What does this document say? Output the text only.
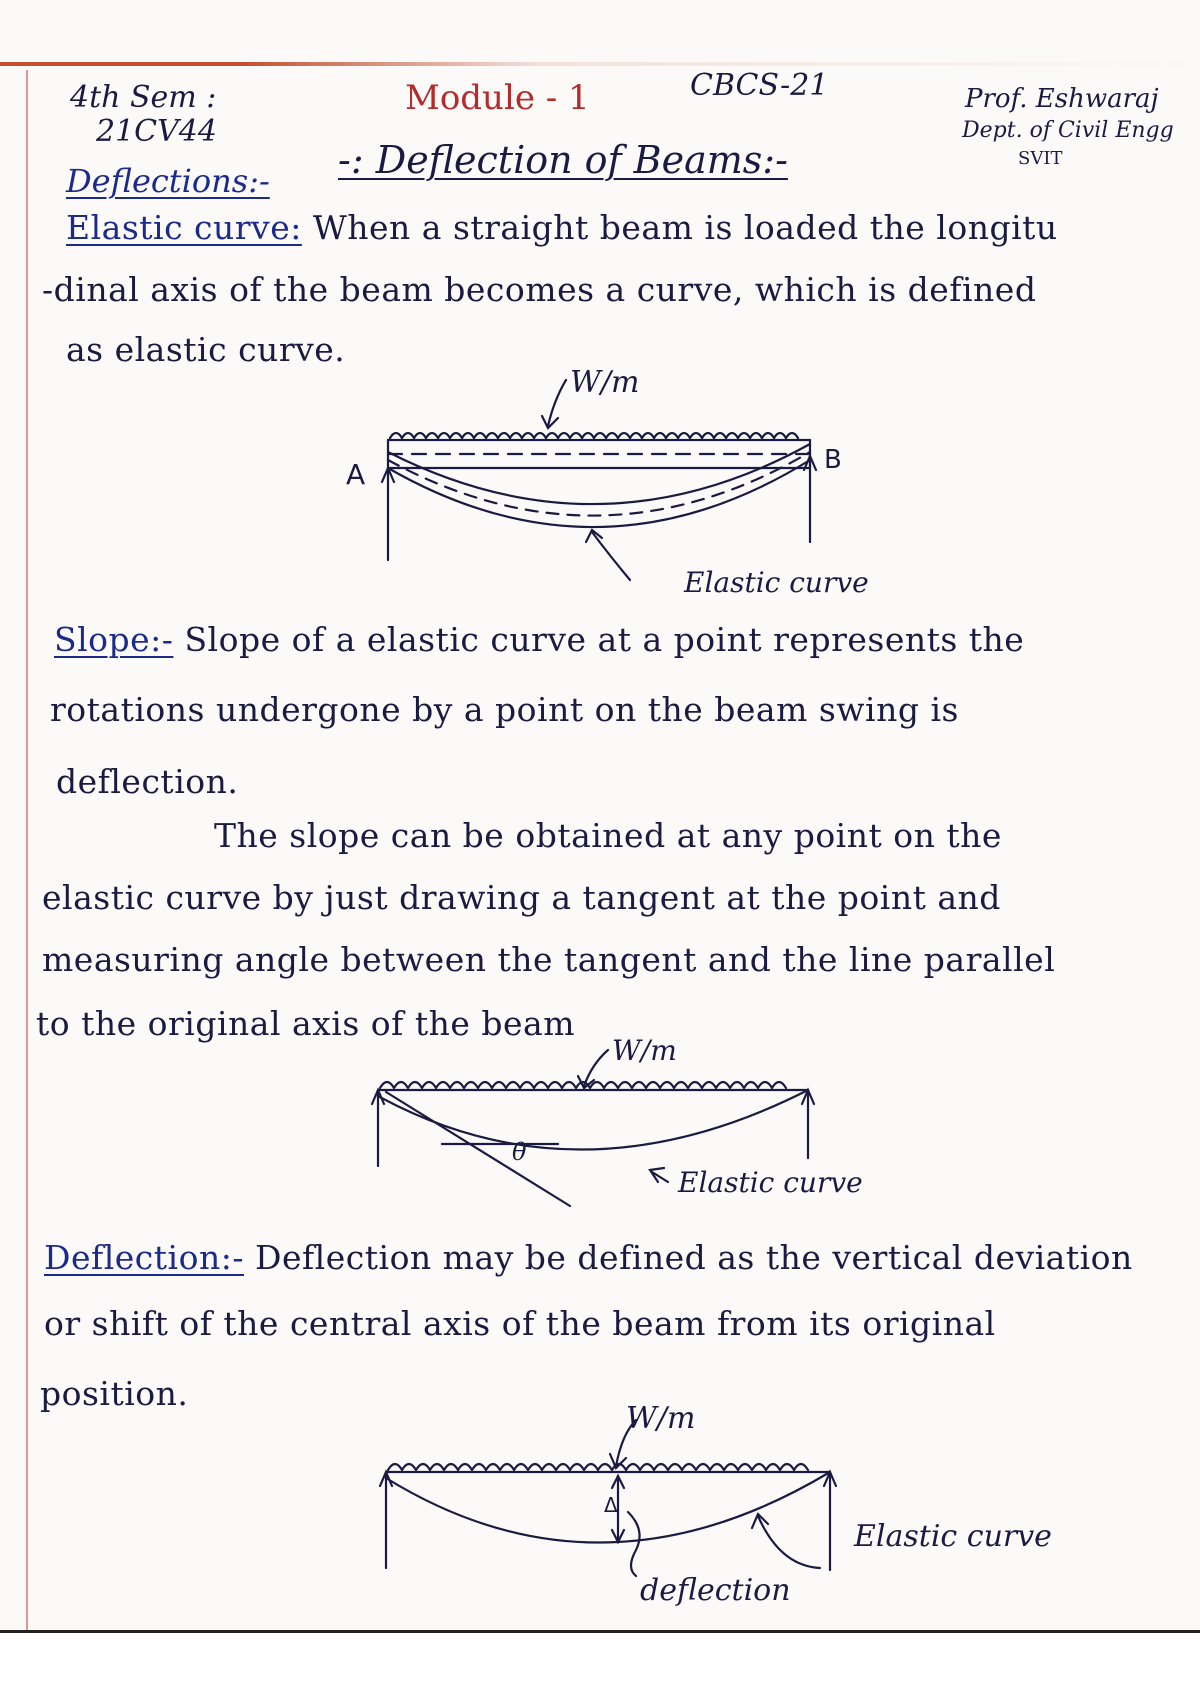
4th Sem :
21CV44
Module - 1	CBCS-21	Prof. Eshwaraj
Dept. of Civil Engg
SVIT
Deflections:- -: Deflection of Beams:-
Elastic curve: When a straight beam is loaded the longitu
-dinal axis of the beam becomes a curve, which is defined
as elastic curve.
W/m
A	B
Elastic curve
Slope:- Slope of a elastic curve at a point represents the
rotations undergone by a point on the beam swing is
deflection.
The slope can be obtained at any point on the
elastic curve by just drawing a tangent at the point and
measuring angle between the tangent and the line parallel
to the original axis of the beam
W/m
θ
Elastic curve
Deflection:- Deflection may be defined as the vertical deviation
or shift of the central axis of the beam from its original
position.
W/m
Δ
Elastic curve
deflection
